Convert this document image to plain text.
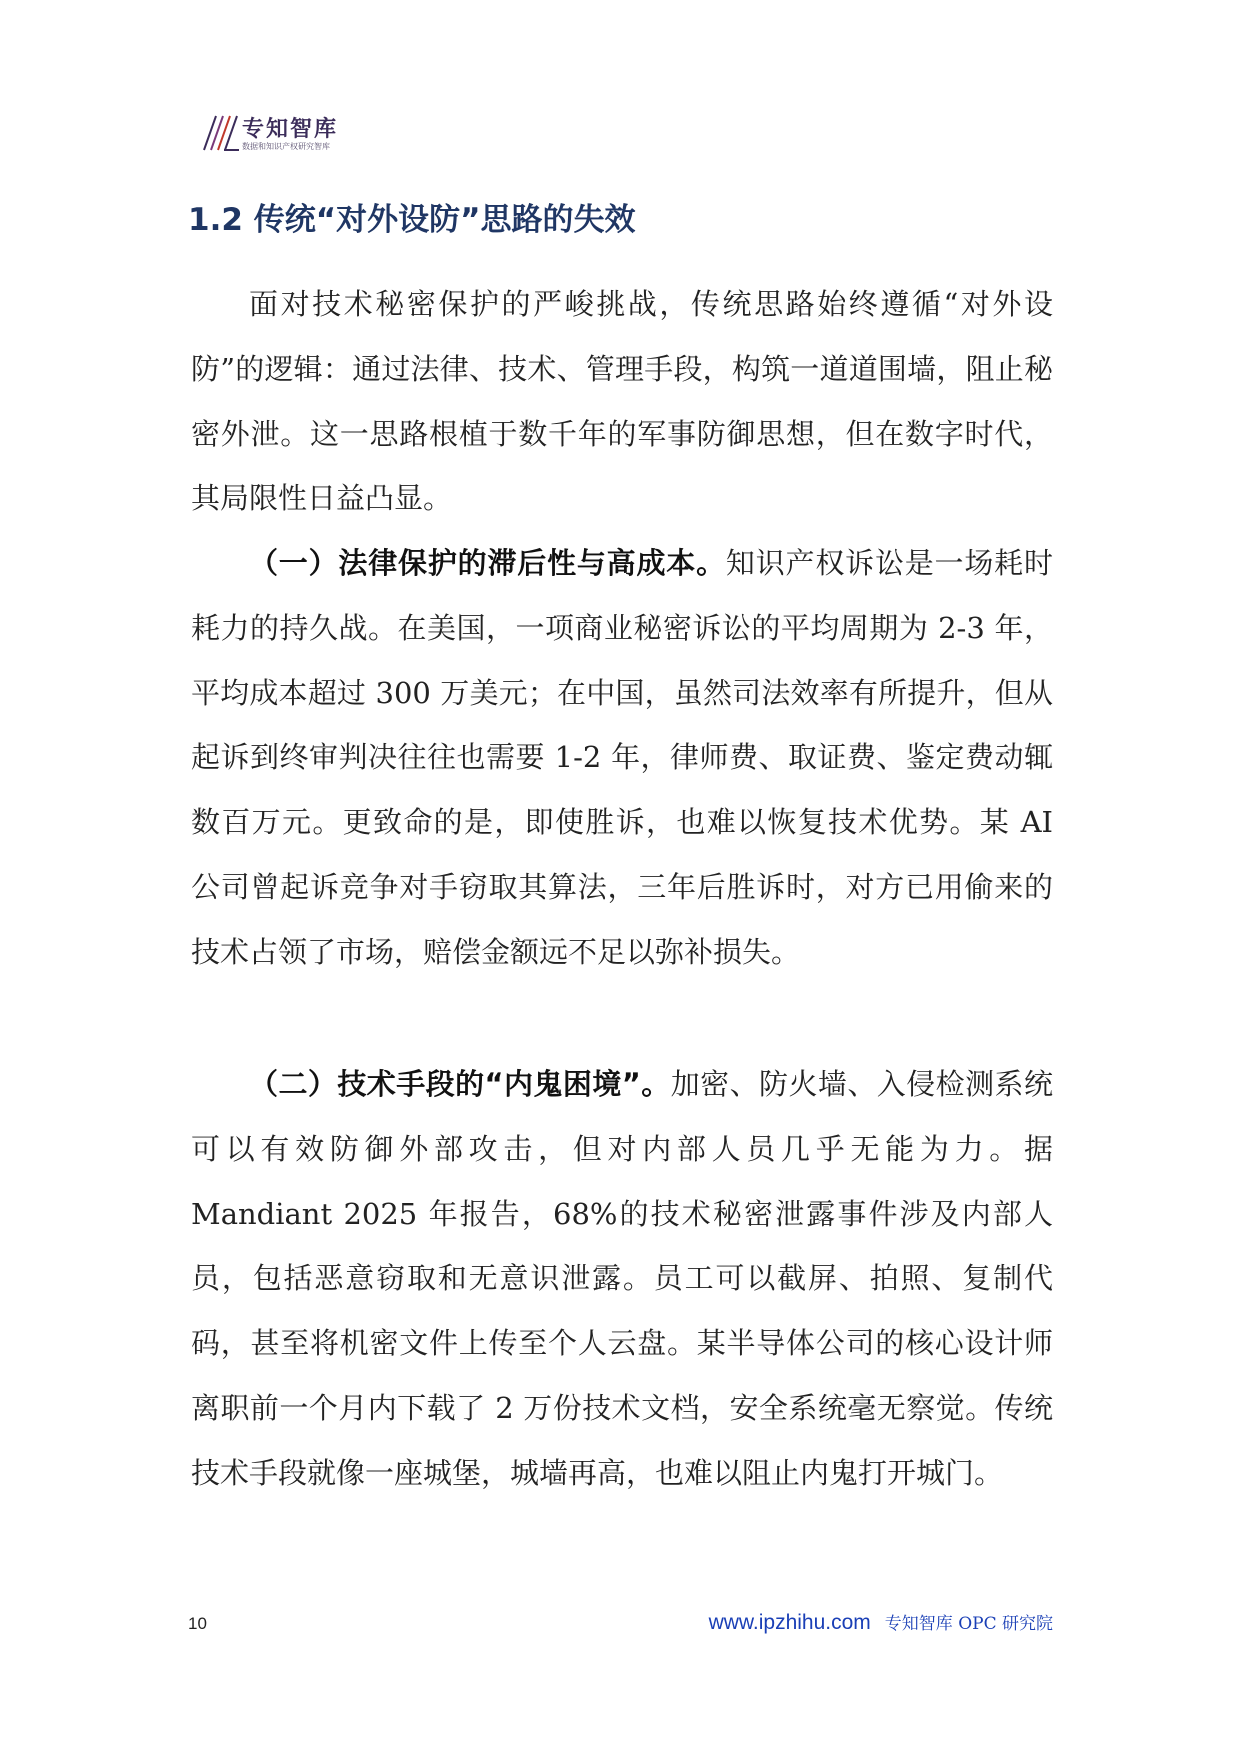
专知智库
数据和知识产权研究智库
1.2 传统“对外设防”思路的失效

面对技术秘密保护的严峻挑战，传统思路始终遵循“对外设防”的逻辑：通过法律、技术、管理手段，构筑一道道围墙，阻止秘密外泄。这一思路根植于数千年的军事防御思想，但在数字时代，其局限性日益凸显。

（一）法律保护的滞后性与高成本。知识产权诉讼是一场耗时耗力的持久战。在美国，一项商业秘密诉讼的平均周期为 2-3 年，平均成本超过 300 万美元；在中国，虽然司法效率有所提升，但从起诉到终审判决往往也需要 1-2 年，律师费、取证费、鉴定费动辄数百万元。更致命的是，即使胜诉，也难以恢复技术优势。某 AI 公司曾起诉竞争对手窃取其算法，三年后胜诉时，对方已用偷来的技术占领了市场，赔偿金额远不足以弥补损失。

（二）技术手段的“内鬼困境”。加密、防火墙、入侵检测系统可以有效防御外部攻击，但对内部人员几乎无能为力。据 Mandiant 2025 年报告，68%的技术秘密泄露事件涉及内部人员，包括恶意窃取和无意识泄露。员工可以截屏、拍照、复制代码，甚至将机密文件上传至个人云盘。某半导体公司的核心设计师离职前一个月内下载了 2 万份技术文档，安全系统毫无察觉。传统技术手段就像一座城堡，城墙再高，也难以阻止内鬼打开城门。

10	www.ipzhihu.com 专知智库 OPC 研究院
